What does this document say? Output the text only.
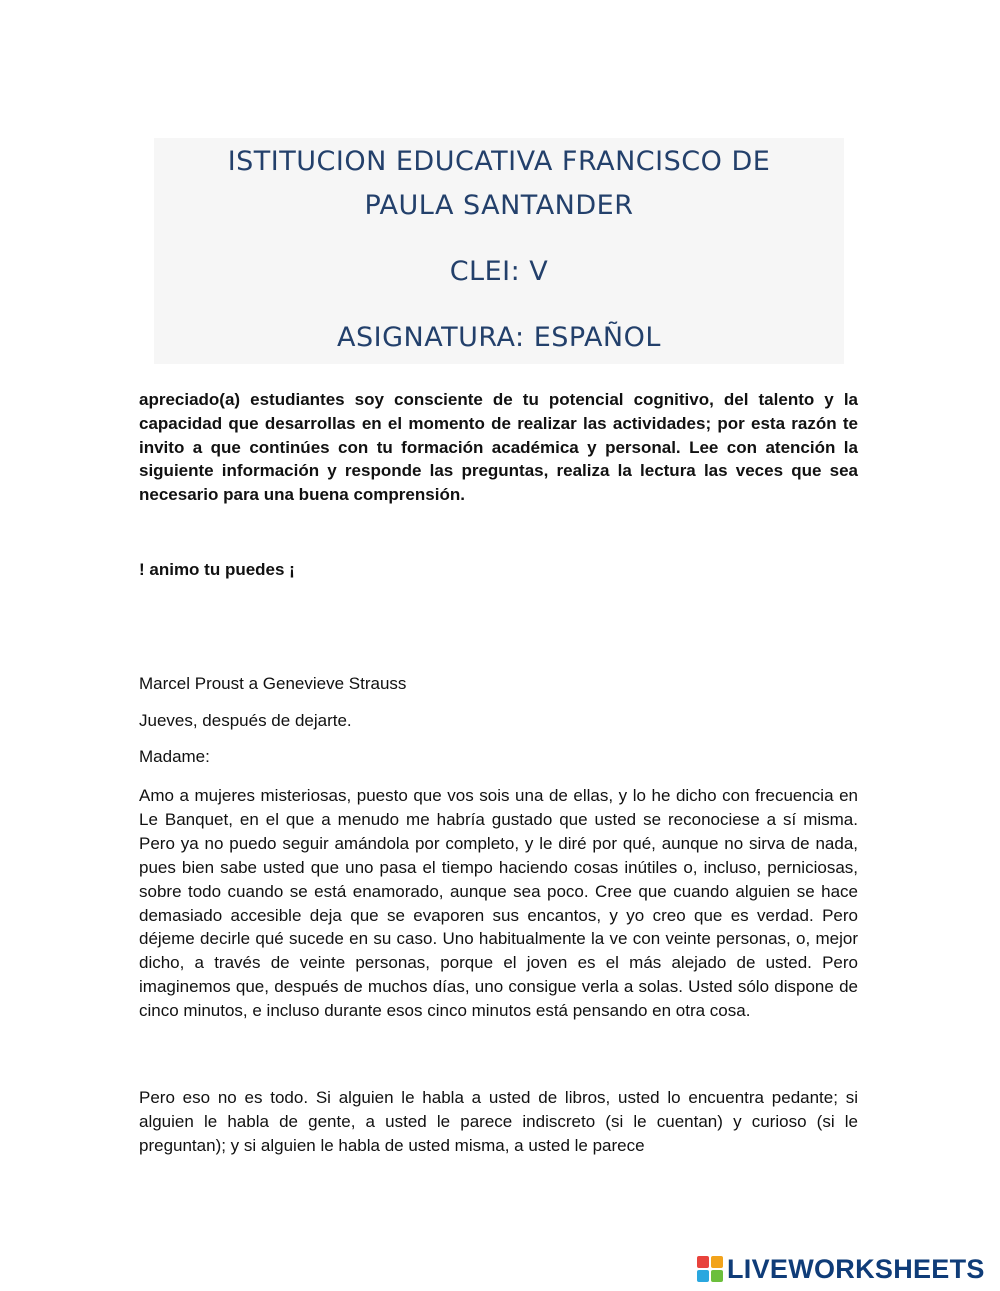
ISTITUCION EDUCATIVA FRANCISCO DE
PAULA SANTANDER
CLEI: V
ASIGNATURA: ESPAÑOL

apreciado(a) estudiantes soy consciente de tu potencial cognitivo, del talento y la capacidad que desarrollas en el momento de realizar las actividades; por esta razón te invito a que continúes con tu formación académica y personal. Lee con atención la siguiente información y responde las preguntas, realiza la lectura las veces que sea necesario para una buena comprensión.

! animo tu puedes ¡

Marcel Proust a Genevieve Strauss

Jueves, después de dejarte.

Madame:

Amo a mujeres misteriosas, puesto que vos sois una de ellas, y lo he dicho con frecuencia en Le Banquet, en el que a menudo me habría gustado que usted se reconociese a sí misma. Pero ya no puedo seguir amándola por completo, y le diré por qué, aunque no sirva de nada, pues bien sabe usted que uno pasa el tiempo haciendo cosas inútiles o, incluso, perniciosas, sobre todo cuando se está enamorado, aunque sea poco. Cree que cuando alguien se hace demasiado accesible deja que se evaporen sus encantos, y yo creo que es verdad. Pero déjeme decirle qué sucede en su caso. Uno habitualmente la ve con veinte personas, o, mejor dicho, a través de veinte personas, porque el joven es el más alejado de usted. Pero imaginemos que, después de muchos días, uno consigue verla a solas. Usted sólo dispone de cinco minutos, e incluso durante esos cinco minutos está pensando en otra cosa.

Pero eso no es todo. Si alguien le habla a usted de libros, usted lo encuentra pedante; si alguien le habla de gente, a usted le parece indiscreto (si le cuentan) y curioso (si le preguntan); y si alguien le habla de usted misma, a usted le parece

LIVEWORKSHEETS
